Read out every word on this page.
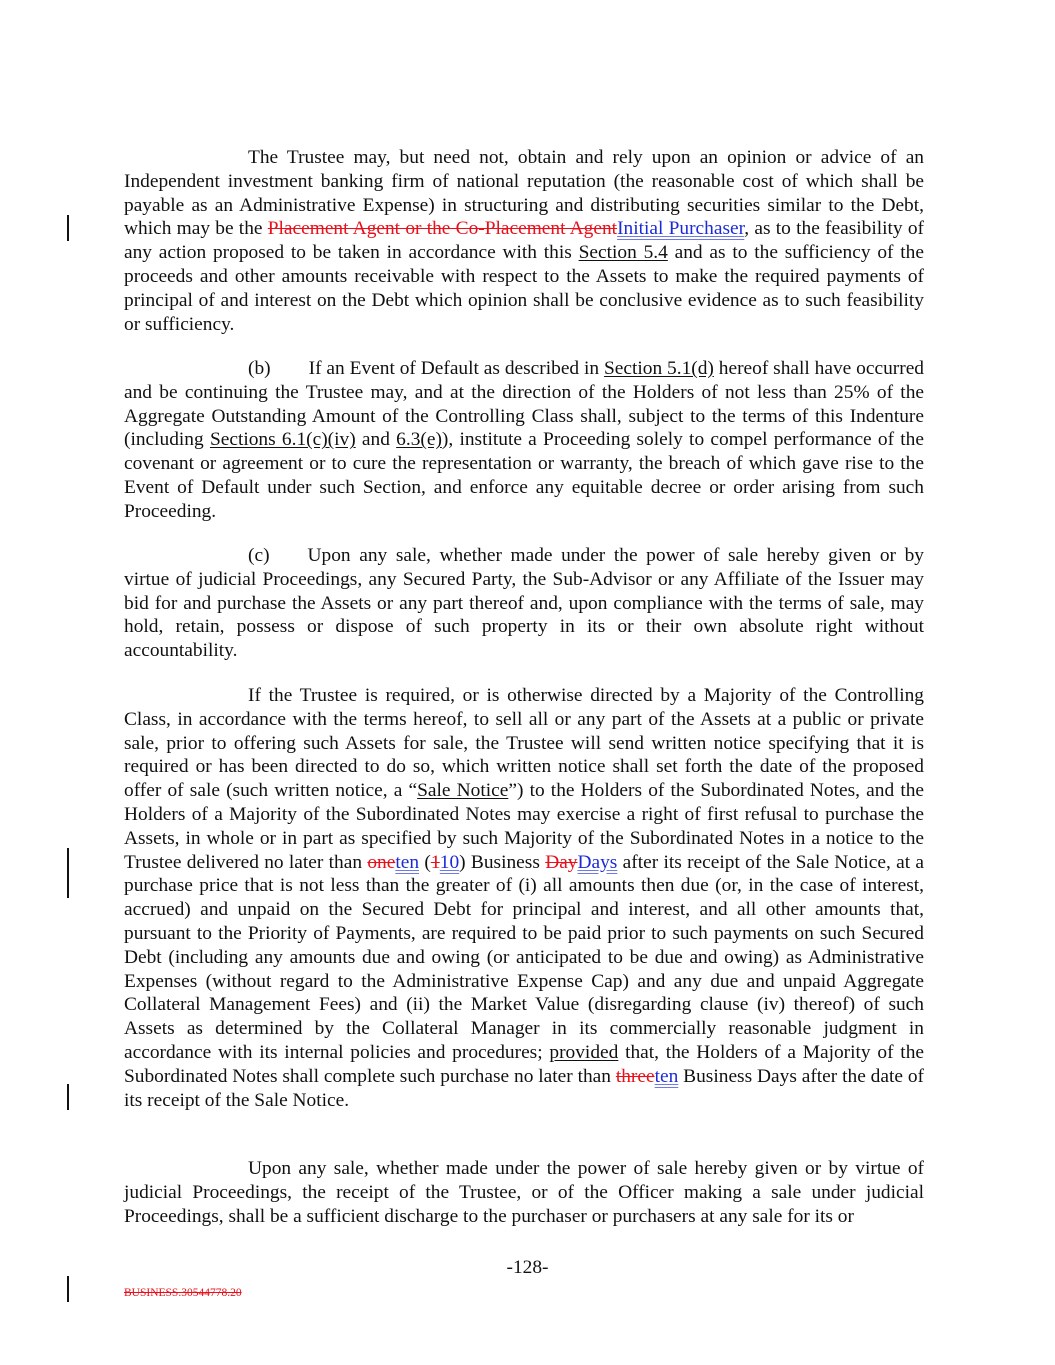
The Trustee may, but need not, obtain and rely upon an opinion or advice of an Independent investment banking firm of national reputation (the reasonable cost of which shall be payable as an Administrative Expense) in structuring and distributing securities similar to the Debt, which may be the Placement Agent or the Co-Placement AgentInitial Purchaser, as to the feasibility of any action proposed to be taken in accordance with this Section 5.4 and as to the sufficiency of the proceeds and other amounts receivable with respect to the Assets to make the required payments of principal of and interest on the Debt which opinion shall be conclusive evidence as to such feasibility or sufficiency.

(b) If an Event of Default as described in Section 5.1(d) hereof shall have occurred and be continuing the Trustee may, and at the direction of the Holders of not less than 25% of the Aggregate Outstanding Amount of the Controlling Class shall, subject to the terms of this Indenture (including Sections 6.1(c)(iv) and 6.3(e)), institute a Proceeding solely to compel performance of the covenant or agreement or to cure the representation or warranty, the breach of which gave rise to the Event of Default under such Section, and enforce any equitable decree or order arising from such Proceeding.

(c) Upon any sale, whether made under the power of sale hereby given or by virtue of judicial Proceedings, any Secured Party, the Sub-Advisor or any Affiliate of the Issuer may bid for and purchase the Assets or any part thereof and, upon compliance with the terms of sale, may hold, retain, possess or dispose of such property in its or their own absolute right without accountability.

If the Trustee is required, or is otherwise directed by a Majority of the Controlling Class, in accordance with the terms hereof, to sell all or any part of the Assets at a public or private sale, prior to offering such Assets for sale, the Trustee will send written notice specifying that it is required or has been directed to do so, which written notice shall set forth the date of the proposed offer of sale (such written notice, a “Sale Notice”) to the Holders of the Subordinated Notes, and the Holders of a Majority of the Subordinated Notes may exercise a right of first refusal to purchase the Assets, in whole or in part as specified by such Majority of the Subordinated Notes in a notice to the Trustee delivered no later than oneten (110) Business DayDays after its receipt of the Sale Notice, at a purchase price that is not less than the greater of (i) all amounts then due (or, in the case of interest, accrued) and unpaid on the Secured Debt for principal and interest, and all other amounts that, pursuant to the Priority of Payments, are required to be paid prior to such payments on such Secured Debt (including any amounts due and owing (or anticipated to be due and owing) as Administrative Expenses (without regard to the Administrative Expense Cap) and any due and unpaid Aggregate Collateral Management Fees) and (ii) the Market Value (disregarding clause (iv) thereof) of such Assets as determined by the Collateral Manager in its commercially reasonable judgment in accordance with its internal policies and procedures; provided that, the Holders of a Majority of the Subordinated Notes shall complete such purchase no later than threeten Business Days after the date of its receipt of the Sale Notice.

Upon any sale, whether made under the power of sale hereby given or by virtue of judicial Proceedings, the receipt of the Trustee, or of the Officer making a sale under judicial Proceedings, shall be a sufficient discharge to the purchaser or purchasers at any sale for its or

-128-
BUSINESS.30544778.20
